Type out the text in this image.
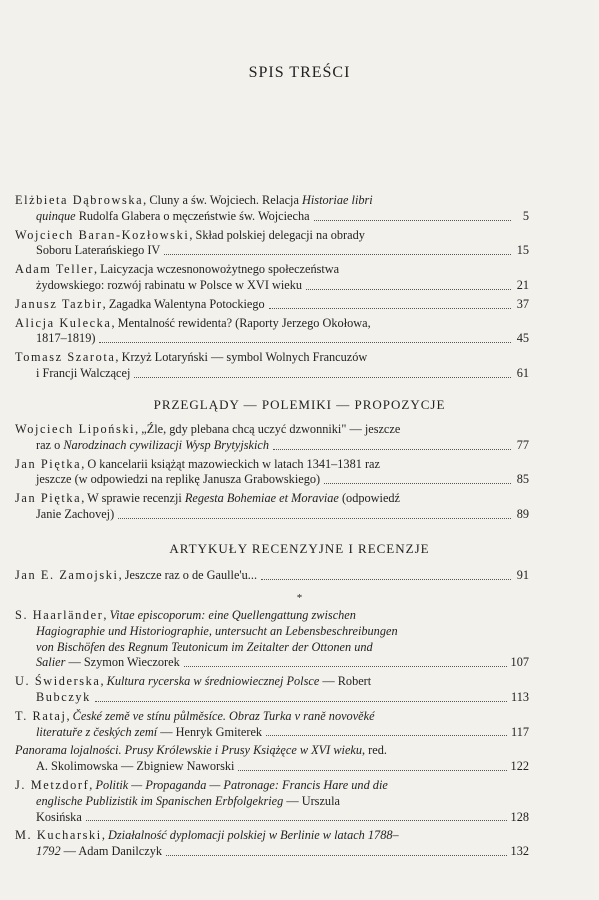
SPIS TREŚCI
Elżbieta Dąbrowska, Cluny a św. Wojciech. Relacja Historiae libri
quinque Rudolfa Glabera o męczeństwie św. Wojciecha	5
Wojciech Baran-Kozłowski, Skład polskiej delegacji na obrady
Soboru Laterańskiego IV	15
Adam Teller, Laicyzacja wczesnonowożytnego społeczeństwa
żydowskiego: rozwój rabinatu w Polsce w XVI wieku	21
Janusz Tazbir, Zagadka Walentyna Potockiego	37
Alicja Kulecka, Mentalność rewidenta? (Raporty Jerzego Okołowa,
1817–1819)	45
Tomasz Szarota, Krzyż Lotaryński — symbol Wolnych Francuzów
i Francji Walczącej	61
PRZEGLĄDY — POLEMIKI — PROPOZYCJE
Wojciech Lipoński, „Źle, gdy plebana chcą uczyć dzwonniki" — jeszcze
raz o Narodzinach cywilizacji Wysp Brytyjskich	77
Jan Piętka, O kancelarii książąt mazowieckich w latach 1341–1381 raz
jeszcze (w odpowiedzi na replikę Janusza Grabowskiego)	85
Jan Piętka, W sprawie recenzji Regesta Bohemiae et Moraviae (odpowiedź
Janie Zachovej)	89
ARTYKUŁY RECENZYJNE I RECENZJE
Jan E. Zamojski, Jeszcze raz o de Gaulle'u...	91
*
S. Haarländer, Vitae episcoporum: eine Quellengattung zwischen
Hagiographie und Historiographie, untersucht an Lebensbeschreibungen
von Bischöfen des Regnum Teutonicum im Zeitalter der Ottonen und
Salier — Szymon Wieczorek	107
U. Świderska, Kultura rycerska w średniowiecznej Polsce — Robert
Bubczyk	113
T. Rataj, České země ve stínu půlměsíce. Obraz Turka v raně novověké
literatuře z českých zemí — Henryk Gmiterek	117
Panorama lojalności. Prusy Królewskie i Prusy Książęce w XVI wieku, red.
A. Skolimowska — Zbigniew Naworski	122
J. Metzdorf, Politik — Propaganda — Patronage: Francis Hare und die
englische Publizistik im Spanischen Erbfolgekrieg — Urszula
Kosińska	128
M. Kucharski, Działalność dyplomacji polskiej w Berlinie w latach 1788–
1792 — Adam Danilczyk	132
